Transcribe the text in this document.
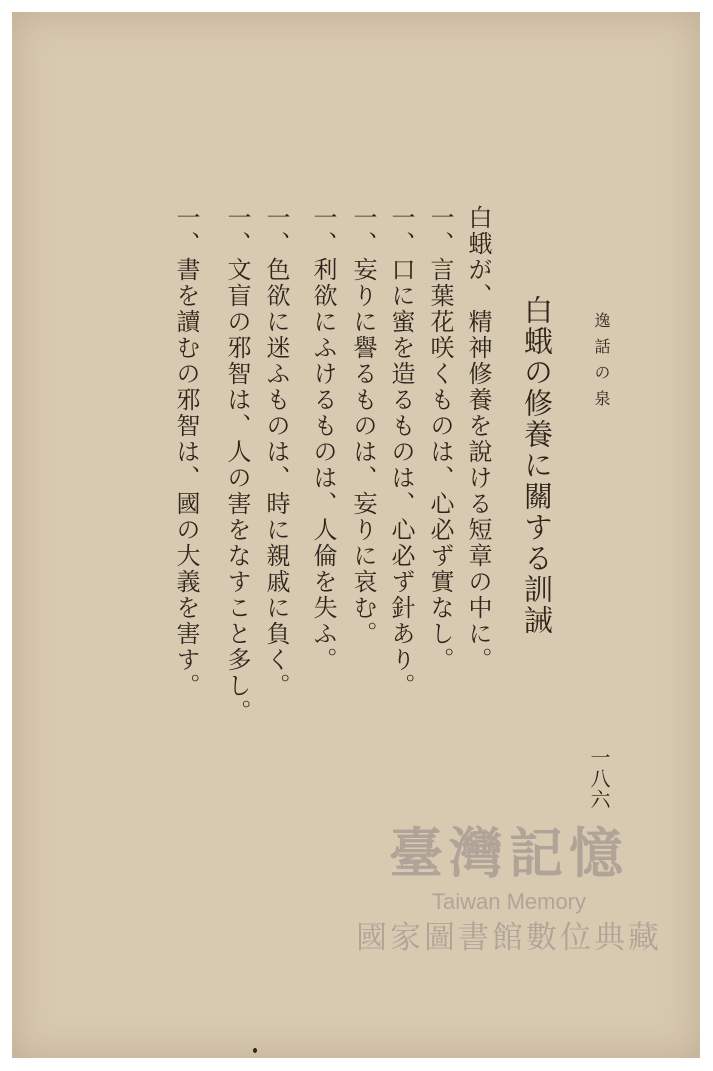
逸話の泉
一八六
白蛾の修養に關する訓誡
白蛾が、精神修養を說ける短章の中に。
一、言葉花咲くものは、心必ず實なし。
一、口に蜜を造るものは、心必ず針あり。
一、妄りに譽るものは、妄りに哀む。
一、利欲にふけるものは、人倫を失ふ。
一、色欲に迷ふものは、時に親戚に負く。
一、文盲の邪智は、人の害をなすこと多し。
一、書を讀むの邪智は、國の大義を害す。
臺灣記憶
Taiwan Memory
國家圖書館數位典藏
